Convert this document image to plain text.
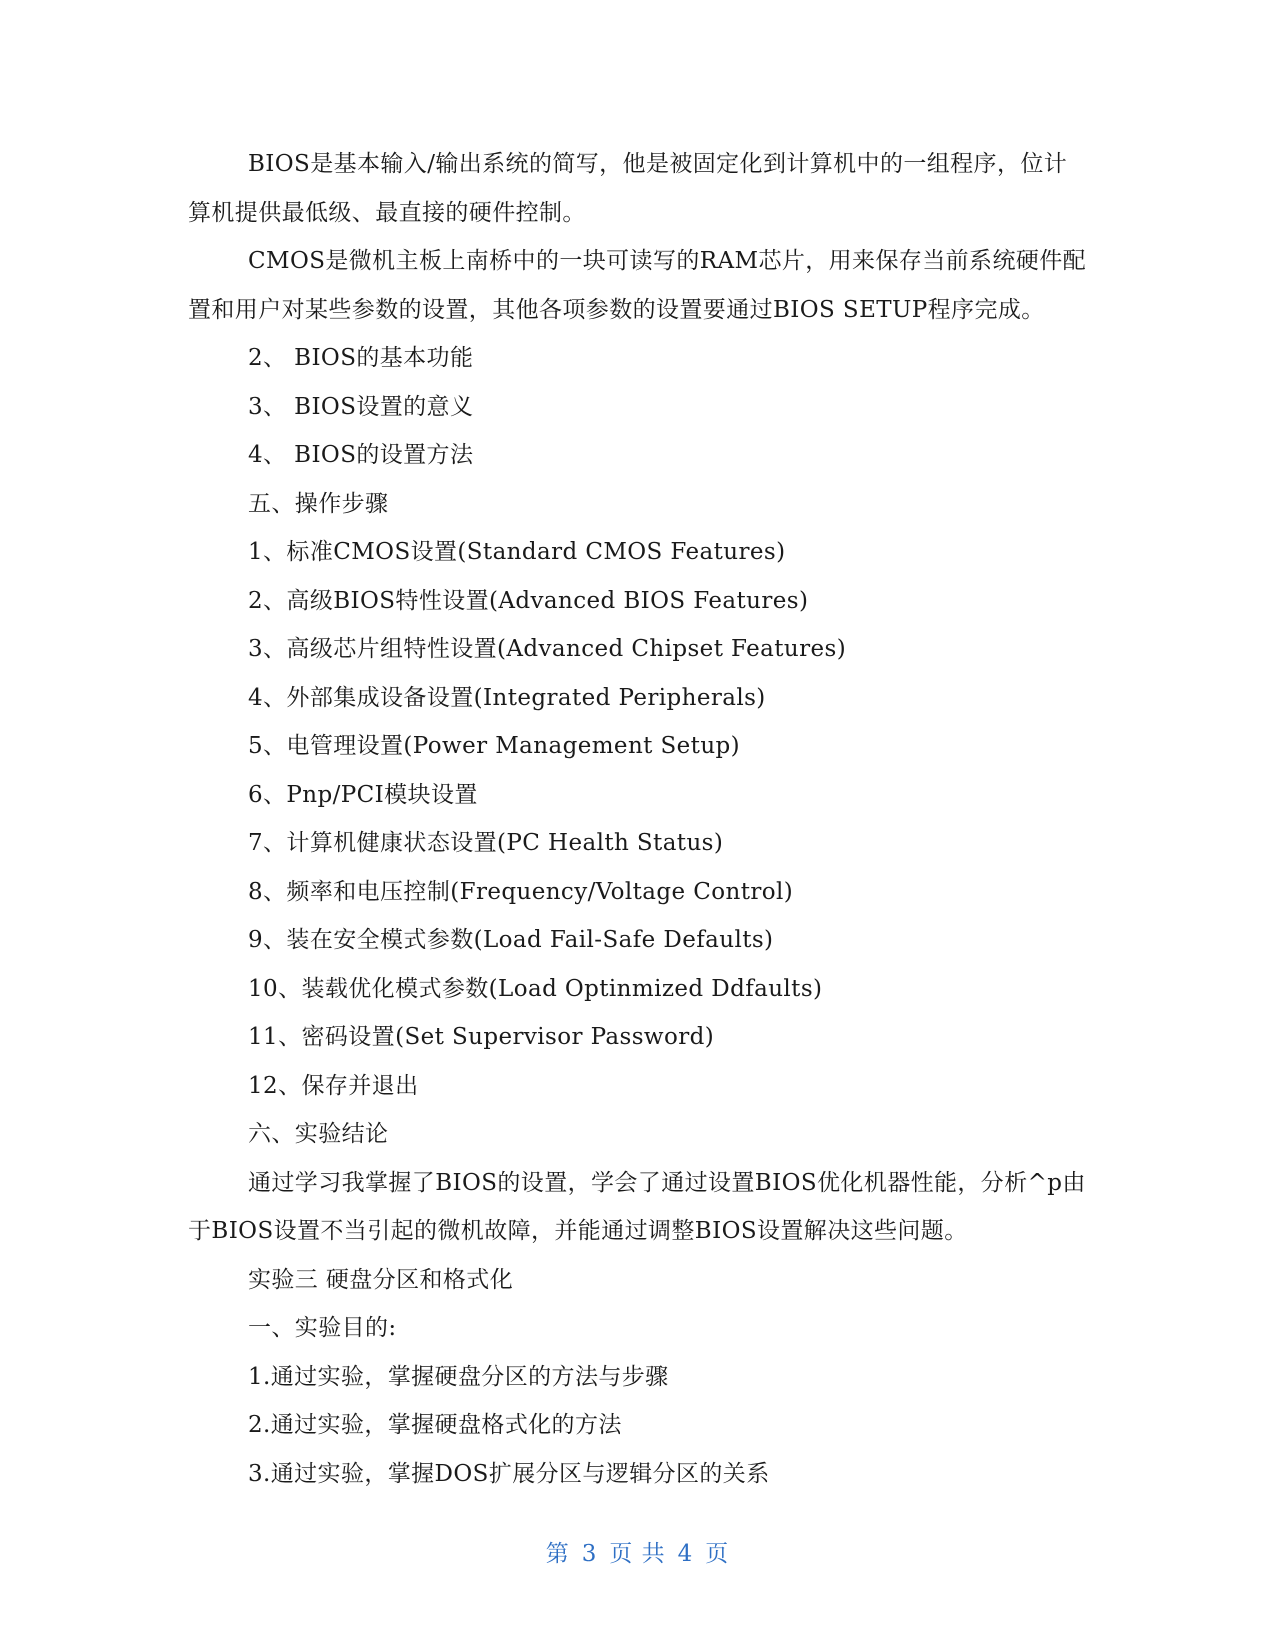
BIOS是基本输入/输出系统的简写，他是被固定化到计算机中的一组程序，位计算机提供最低级、最直接的硬件控制。

CMOS是微机主板上南桥中的一块可读写的RAM芯片，用来保存当前系统硬件配置和用户对某些参数的设置，其他各项参数的设置要通过BIOS SETUP程序完成。

2、 BIOS的基本功能

3、 BIOS设置的意义

4、 BIOS的设置方法

五、操作步骤

1、标准CMOS设置(Standard CMOS Features)

2、高级BIOS特性设置(Advanced BIOS Features)

3、高级芯片组特性设置(Advanced Chipset Features)

4、外部集成设备设置(Integrated Peripherals)

5、电管理设置(Power Management Setup)

6、Pnp/PCI模块设置

7、计算机健康状态设置(PC Health Status)

8、频率和电压控制(Frequency/Voltage Control)

9、装在安全模式参数(Load Fail-Safe Defaults)

10、装载优化模式参数(Load Optinmized Ddfaults)

11、密码设置(Set Supervisor Password)

12、保存并退出

六、实验结论

通过学习我掌握了BIOS的设置，学会了通过设置BIOS优化机器性能，分析^p由于BIOS设置不当引起的微机故障，并能通过调整BIOS设置解决这些问题。

实验三 硬盘分区和格式化

一、实验目的:

1.通过实验，掌握硬盘分区的方法与步骤

2.通过实验，掌握硬盘格式化的方法

3.通过实验，掌握DOS扩展分区与逻辑分区的关系

第 3 页 共 4 页
